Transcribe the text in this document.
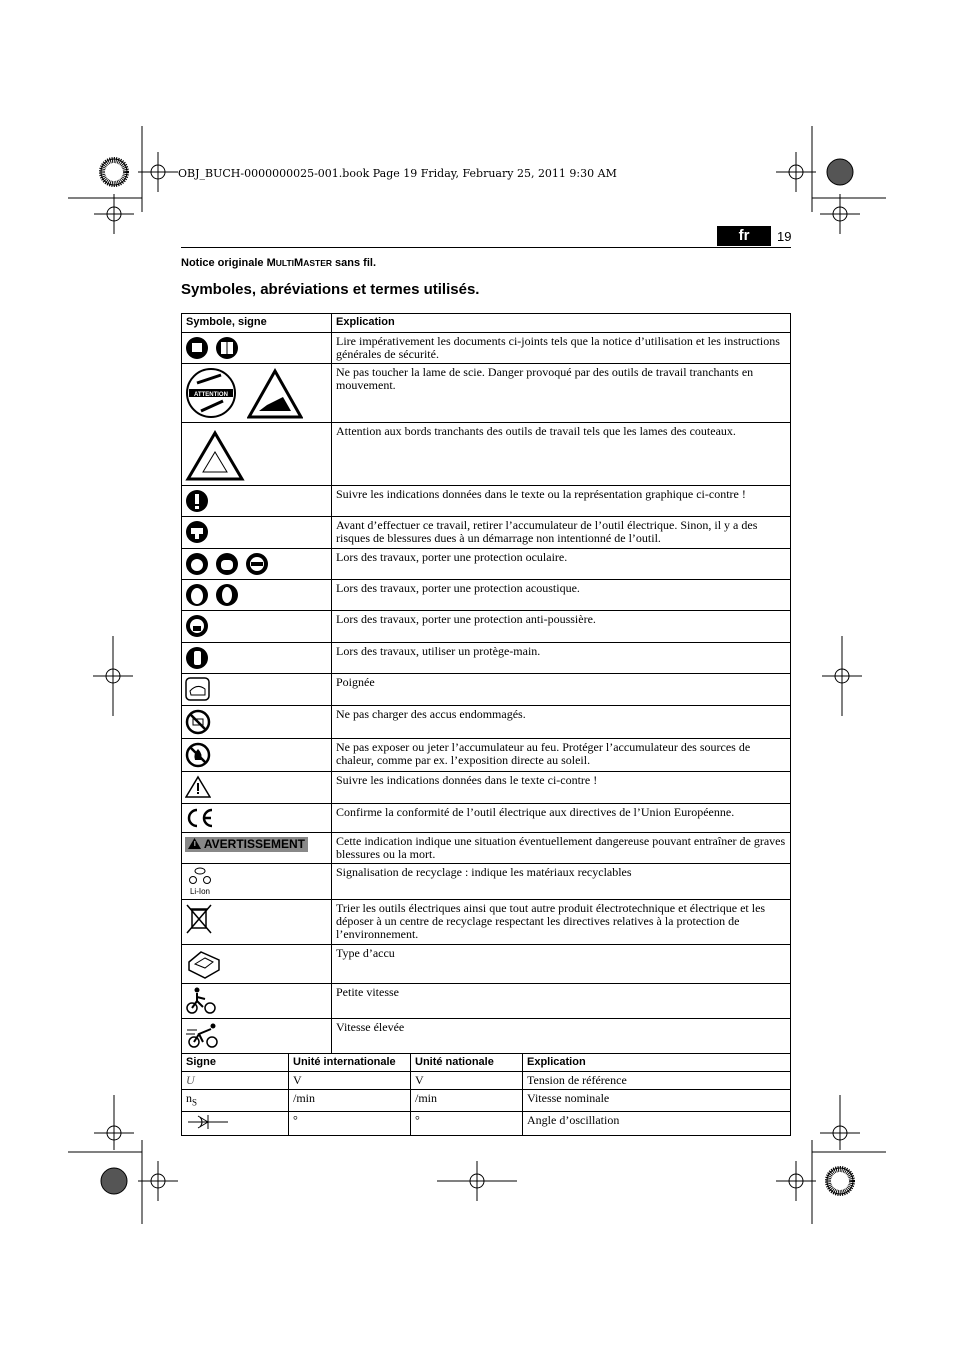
OBJ_BUCH-0000000025-001.book Page 19 Friday, February 25, 2011 9:30 AM
fr	19
Notice originale MULTIMASTER sans fil.
Symboles, abréviations et termes utilisés.
Symbole, signe	Explication
	Lire impérativement les documents ci-joints tels que la notice d’utilisation et les instructions générales de sécurité.

ATTENTION	Ne pas toucher la lame de scie. Danger provoqué par des outils de travail tranchants en mouvement.
	Attention aux bords tranchants des outils de travail tels que les lames des couteaux.
	Suivre les indications données dans le texte ou la représentation graphique ci-contre !
	Avant d’effectuer ce travail, retirer l’accumulateur de l’outil électrique. Sinon, il y a des risques de blessures dues à un démarrage non intentionné de l’outil.
	Lors des travaux, porter une protection oculaire.
	Lors des travaux, porter une protection acoustique.
	Lors des travaux, porter une protection anti-poussière.
	Lors des travaux, utiliser un protège-main.
	Poignée
	Ne pas charger des accus endommagés.
	Ne pas exposer ou jeter l’accumulateur au feu. Protéger l’accumulateur des sources de chaleur, comme par ex. l’exposition directe au soleil.
	Suivre les indications données dans le texte ci-contre !
	Confirme la conformité de l’outil électrique aux directives de l’Union Européenne.
AVERTISSEMENT	Cette indication indique une situation éventuellement dangereuse pouvant entraîner de graves blessures ou la mort.

Li-Ion	Signalisation de recyclage : indique les matériaux recyclables
	Trier les outils électriques ainsi que tout autre produit électrotechnique et électrique et les déposer à un centre de recyclage respectant les directives relatives à la protection de l’environnement.
	Type d’accu
	Petite vitesse
	Vitesse élevée
Signe	Unité internationale	Unité nationale	Explication
U	V	V	Tension de référence
$n_S$	/min	/min	Vitesse nominale
	°	°	Angle d’oscillation
